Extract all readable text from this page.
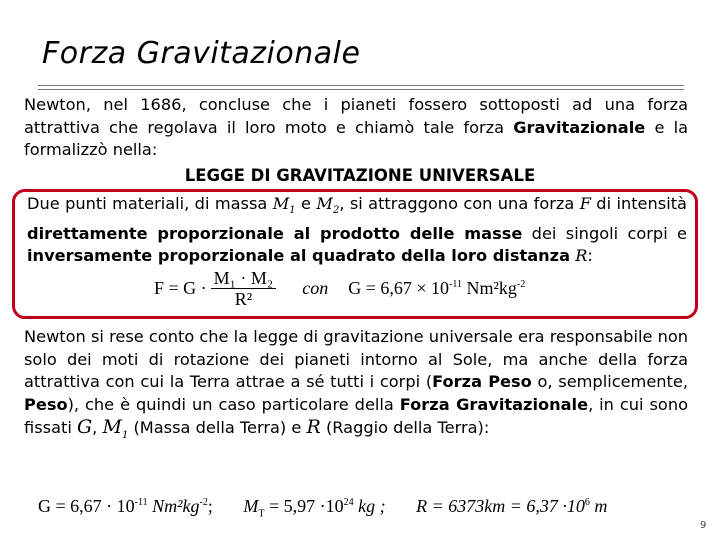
Forza Gravitazionale
Newton, nel 1686, concluse che i pianeti fossero sottoposti ad una forza attrattiva che regolava il loro moto e chiamò tale forza Gravitazionale e la formalizzò nella:
LEGGE DI GRAVITAZIONE UNIVERSALE
Due punti materiali, di massa $M_1$ e $M_2$, si attraggono con una forza F di intensità direttamente proporzionale al prodotto delle masse dei singoli corpi e inversamente proporzionale al quadrato della loro distanza R:
$F = G \cdot \frac{\text{M₁ · M₂}}{\text{R²}}$ con $G = 6,67 \times 10^{-11}$ $Nm^2kg^{-2}$
Newton si rese conto che la legge di gravitazione universale era responsabile non solo dei moti di rotazione dei pianeti intorno al Sole, ma anche della forza attrattiva con cui la Terra attrae a sé tutti i corpi (Forza Peso o, semplicemente, Peso), che è quindi un caso particolare della Forza Gravitazionale, in cui sono fissati G, $M_1$ (Massa della Terra) e R (Raggio della Terra):
$G = 6,67 \cdot 10^{-11}$ $Nm^2kg^{-2}$; $M_T = 5,97 \cdot 10^{24}$ kg ; $R = 6373km = 6,37 \cdot 10^6$ m
9
